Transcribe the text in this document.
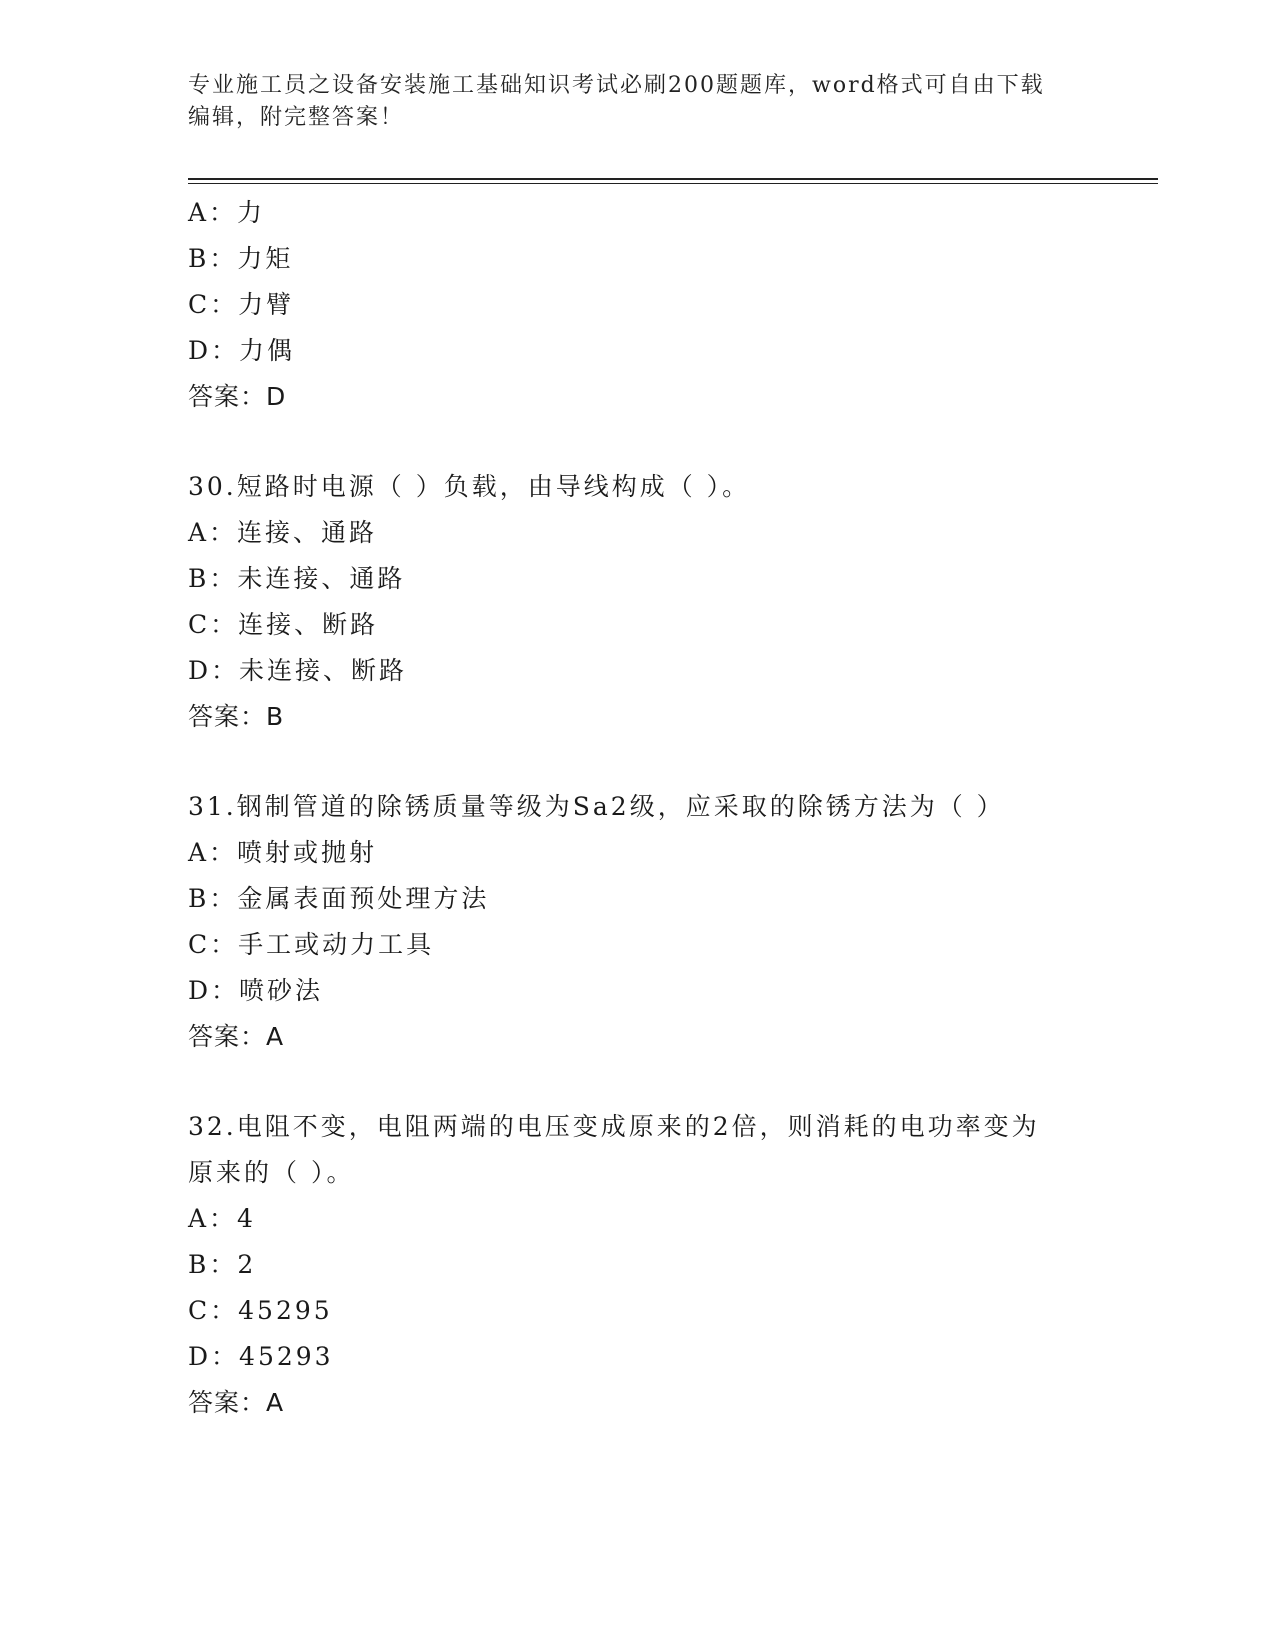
专业施工员之设备安装施工基础知识考试必刷200题题库，word格式可自由下载编辑，附完整答案！
A：力
B：力矩
C：力臂
D：力偶
答案：D
30.短路时电源（ ）负载，由导线构成（ ）。
A：连接、通路
B：未连接、通路
C：连接、断路
D：未连接、断路
答案：B
31.钢制管道的除锈质量等级为Sa2级，应采取的除锈方法为（ ）
A：喷射或抛射
B：金属表面预处理方法
C：手工或动力工具
D：喷砂法
答案：A
32.电阻不变，电阻两端的电压变成原来的2倍，则消耗的电功率变为
原来的（ ）。
A：4
B：2
C：45295
D：45293
答案：A
